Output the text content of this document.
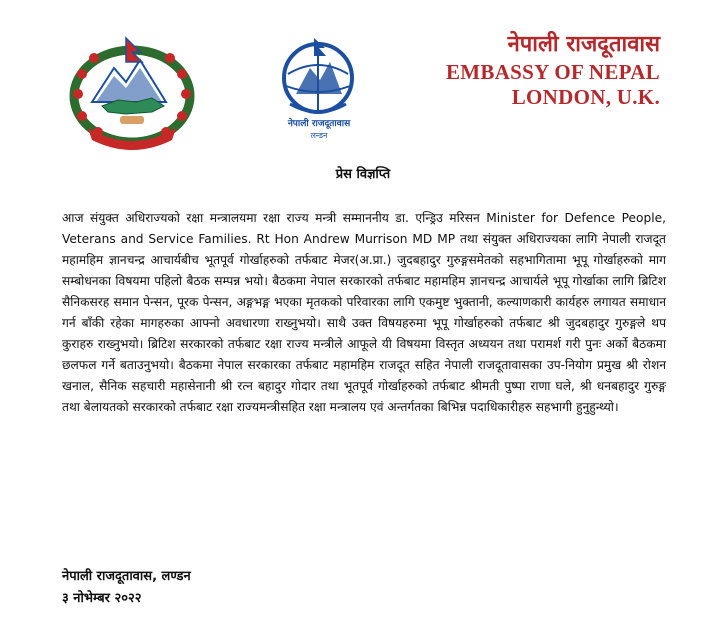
नेपाली राजदूतावास
लन्डन
नेपाली राजदूतावास
EMBASSY OF NEPAL
LONDON, U.K.
प्रेस विज्ञप्ति

आज संयुक्त अधिराज्यको रक्षा मन्त्रालयमा रक्षा राज्य मन्त्री सम्माननीय डा. एन्ड्रिउ मरिसन Minister for Defence People, Veterans and Service Families. Rt Hon Andrew Murrison MD MP तथा संयुक्त अधिराज्यका लागि नेपाली राजदूत महामहिम ज्ञानचन्द्र आचार्यबीच भूतपूर्व गोर्खाहरुको तर्फबाट मेजर(अ.प्रा.) जुदबहादुर गुरुङ्गसमेतको सहभागितामा भूपू गोर्खाहरुको माग सम्बोधनका विषयमा पहिलो बैठक सम्पन्न भयो। बैठकमा नेपाल सरकारको तर्फबाट महामहिम ज्ञानचन्द्र आचार्यले भूपू गोर्खाका लागि ब्रिटिश सैनिकसरह समान पेन्सन, पूरक पेन्सन, अङ्गभङ्ग भएका मृतकको परिवारका लागि एकमुष्ट भुक्तानी, कल्याणकारी कार्यहरु लगायत समाधान गर्न बाँकी रहेका मागहरुका आफ्नो अवधारणा राख्नुभयो। साथै उक्त विषयहरुमा भूपू गोर्खाहरुको तर्फबाट श्री जुदबहादुर गुरुङ्गले थप कुराहरु राख्नुभयो। ब्रिटिश सरकारको तर्फबाट रक्षा राज्य मन्त्रीले आफूले यी विषयमा विस्तृत अध्ययन तथा परामर्श गरी पुनः अर्को बैठकमा छलफल गर्ने बताउनुभयो। बैठकमा नेपाल सरकारका तर्फबाट महामहिम राजदूत सहित नेपाली राजदूतावासका उप-नियोग प्रमुख श्री रोशन खनाल, सैनिक सहचारी महासेनानी श्री रत्न बहादुर गोदार तथा भूतपूर्व गोर्खाहरुको तर्फबाट श्रीमती पुष्पा राणा घले, श्री धनबहादुर गुरुङ्ग तथा बेलायतको सरकारको तर्फबाट रक्षा राज्यमन्त्रीसहित रक्षा मन्त्रालय एवं अन्तर्गतका बिभिन्न पदाधिकारीहरु सहभागी हुनुहुन्थ्यो।

नेपाली राजदूतावास, लण्डन
३ नोभेम्बर २०२२
